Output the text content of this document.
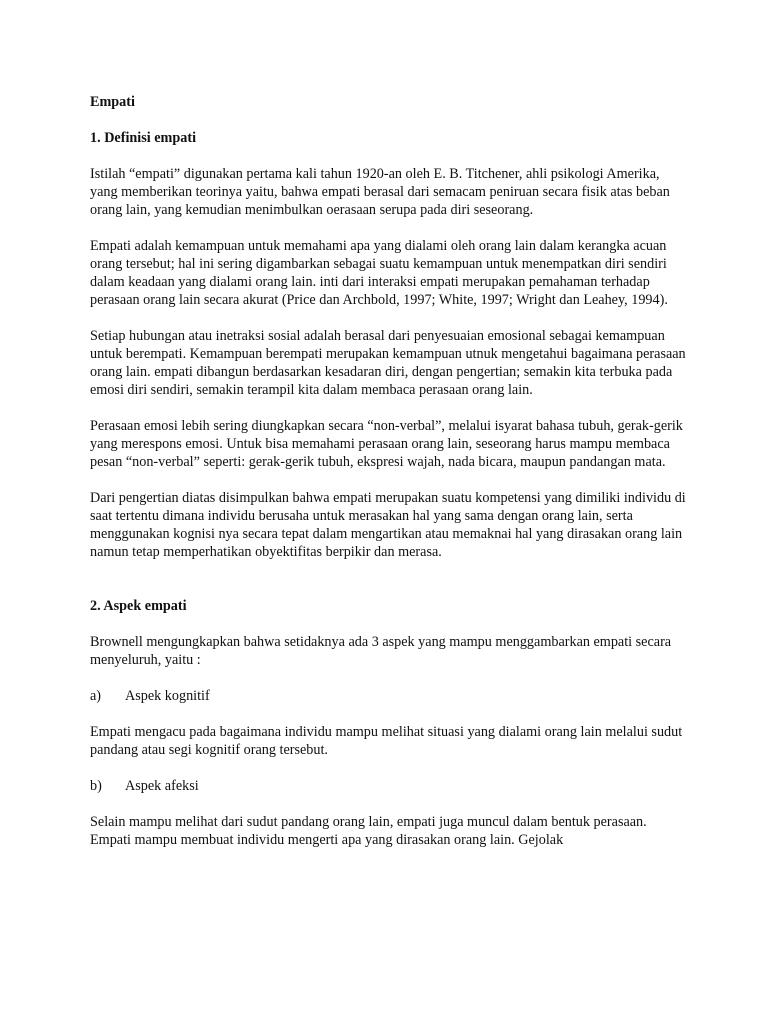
Empati

1. Definisi empati

Istilah “empati” digunakan pertama kali tahun 1920-an oleh E. B. Titchener, ahli psikologi Amerika, yang memberikan teorinya yaitu, bahwa empati berasal dari semacam peniruan secara fisik atas beban orang lain, yang kemudian menimbulkan oerasaan serupa pada diri seseorang.

Empati adalah kemampuan untuk memahami apa yang dialami oleh orang lain dalam kerangka acuan orang tersebut; hal ini sering digambarkan sebagai suatu kemampuan untuk menempatkan diri sendiri dalam keadaan yang dialami orang lain. inti dari interaksi empati merupakan pemahaman terhadap perasaan orang lain secara akurat (Price dan Archbold, 1997; White, 1997; Wright dan Leahey, 1994).

Setiap hubungan atau inetraksi sosial adalah berasal dari penyesuaian emosional sebagai kemampuan untuk berempati. Kemampuan berempati merupakan kemampuan utnuk mengetahui bagaimana perasaan orang lain. empati dibangun berdasarkan kesadaran diri, dengan pengertian; semakin kita terbuka pada emosi diri sendiri, semakin terampil kita dalam membaca perasaan orang lain.

Perasaan emosi lebih sering diungkapkan secara “non-verbal”, melalui isyarat bahasa tubuh, gerak-gerik yang merespons emosi. Untuk bisa memahami perasaan orang lain, seseorang harus mampu membaca pesan “non-verbal” seperti: gerak-gerik tubuh, ekspresi wajah, nada bicara, maupun pandangan mata.

Dari pengertian diatas disimpulkan bahwa empati merupakan suatu kompetensi yang dimiliki individu di saat tertentu dimana individu berusaha untuk merasakan hal yang sama dengan orang lain, serta menggunakan kognisi nya secara tepat dalam mengartikan atau memaknai hal yang dirasakan orang lain namun tetap memperhatikan obyektifitas berpikir dan merasa.

2. Aspek empati

Brownell mengungkapkan bahwa setidaknya ada 3 aspek yang mampu menggambarkan empati secara menyeluruh, yaitu :

a)	Aspek kognitif

Empati mengacu pada bagaimana individu mampu melihat situasi yang dialami orang lain melalui sudut pandang atau segi kognitif orang tersebut.

b)	Aspek afeksi

Selain mampu melihat dari sudut pandang orang lain, empati juga muncul dalam bentuk perasaan. Empati mampu membuat individu mengerti apa yang dirasakan orang lain. Gejolak
